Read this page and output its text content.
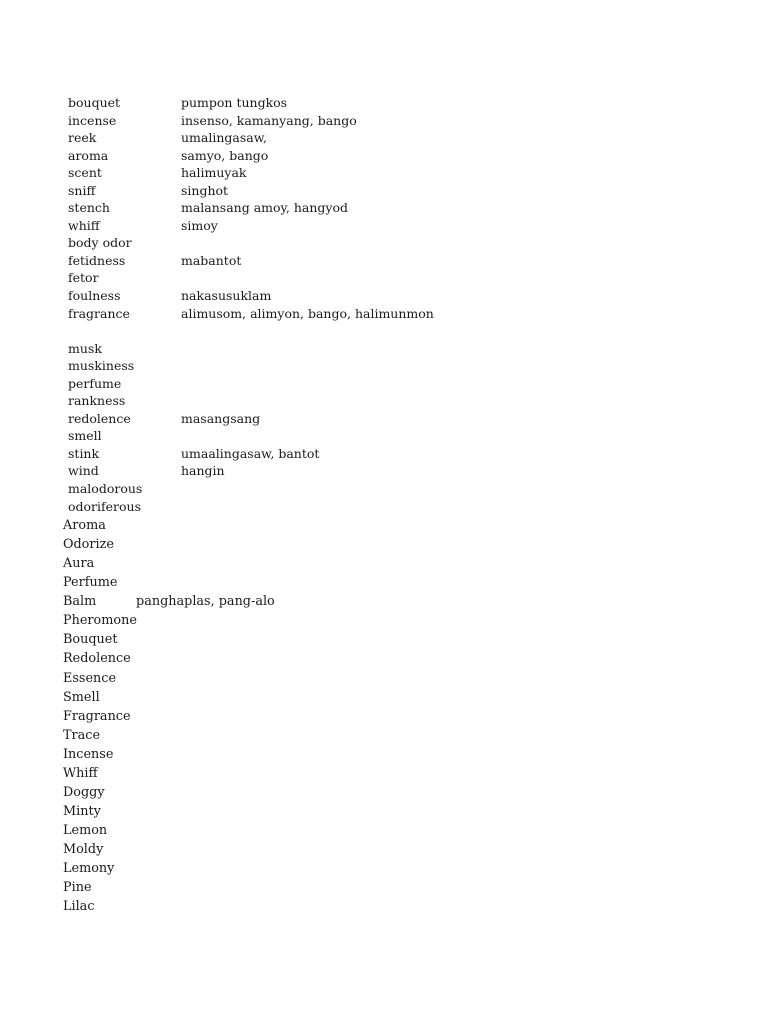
bouquet	pumpon tungkos
incense	insenso, kamanyang, bango
reek	umalingasaw,
aroma	samyo, bango
scent	halimuyak
sniff	singhot
stench	malansang amoy, hangyod
whiff	simoy
body odor
fetidness	mabantot
fetor
foulness	nakasusuklam
fragrance	alimusom, alimyon, bango, halimunmon
musk
muskiness
perfume
rankness
redolence	masangsang
smell
stink	umaalingasaw, bantot
wind	hangin
malodorous
odoriferous
Aroma
Odorize
Aura
Perfume
Balm	panghaplas, pang-alo
Pheromone
Bouquet
Redolence
Essence
Smell
Fragrance
Trace
Incense
Whiff
Doggy
Minty
Lemon
Moldy
Lemony
Pine
Lilac
